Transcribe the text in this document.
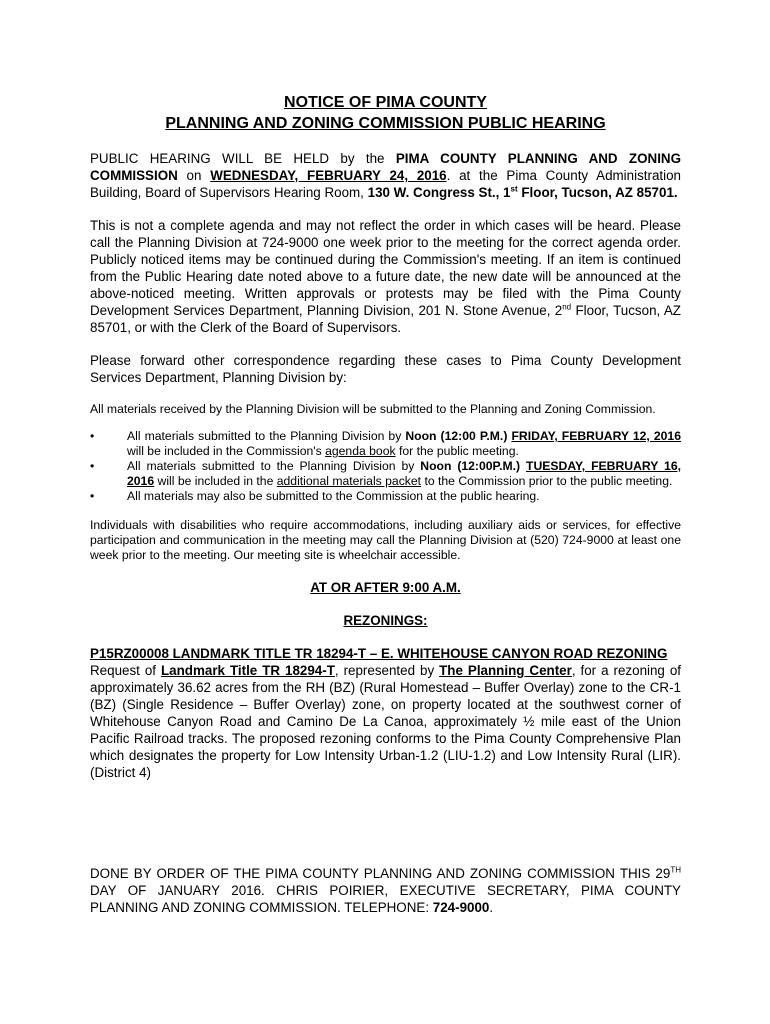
NOTICE OF PIMA COUNTY
PLANNING AND ZONING COMMISSION PUBLIC HEARING

PUBLIC HEARING WILL BE HELD by the PIMA COUNTY PLANNING AND ZONING COMMISSION on WEDNESDAY, FEBRUARY 24, 2016. at the Pima County Administration Building, Board of Supervisors Hearing Room, 130 W. Congress St., 1st Floor, Tucson, AZ 85701.

This is not a complete agenda and may not reflect the order in which cases will be heard. Please call the Planning Division at 724-9000 one week prior to the meeting for the correct agenda order. Publicly noticed items may be continued during the Commission's meeting. If an item is continued from the Public Hearing date noted above to a future date, the new date will be announced at the above-noticed meeting. Written approvals or protests may be filed with the Pima County Development Services Department, Planning Division, 201 N. Stone Avenue, 2nd Floor, Tucson, AZ 85701, or with the Clerk of the Board of Supervisors.

Please forward other correspondence regarding these cases to Pima County Development Services Department, Planning Division by:

All materials received by the Planning Division will be submitted to the Planning and Zoning Commission.

•	All materials submitted to the Planning Division by Noon (12:00 P.M.) FRIDAY, FEBRUARY 12, 2016 will be included in the Commission's agenda book for the public meeting.
•	All materials submitted to the Planning Division by Noon (12:00P.M.) TUESDAY, FEBRUARY 16, 2016 will be included in the additional materials packet to the Commission prior to the public meeting.
•	All materials may also be submitted to the Commission at the public hearing.

Individuals with disabilities who require accommodations, including auxiliary aids or services, for effective participation and communication in the meeting may call the Planning Division at (520) 724-9000 at least one week prior to the meeting. Our meeting site is wheelchair accessible.

AT OR AFTER 9:00 A.M.

REZONINGS:

P15RZ00008 LANDMARK TITLE TR 18294-T – E. WHITEHOUSE CANYON ROAD REZONING

Request of Landmark Title TR 18294-T, represented by The Planning Center, for a rezoning of approximately 36.62 acres from the RH (BZ) (Rural Homestead – Buffer Overlay) zone to the CR-1 (BZ) (Single Residence – Buffer Overlay) zone, on property located at the southwest corner of Whitehouse Canyon Road and Camino De La Canoa, approximately ½ mile east of the Union Pacific Railroad tracks. The proposed rezoning conforms to the Pima County Comprehensive Plan which designates the property for Low Intensity Urban-1.2 (LIU-1.2) and Low Intensity Rural (LIR). (District 4)

DONE BY ORDER OF THE PIMA COUNTY PLANNING AND ZONING COMMISSION THIS 29TH DAY OF JANUARY 2016. CHRIS POIRIER, EXECUTIVE SECRETARY, PIMA COUNTY PLANNING AND ZONING COMMISSION. TELEPHONE: 724-9000.
